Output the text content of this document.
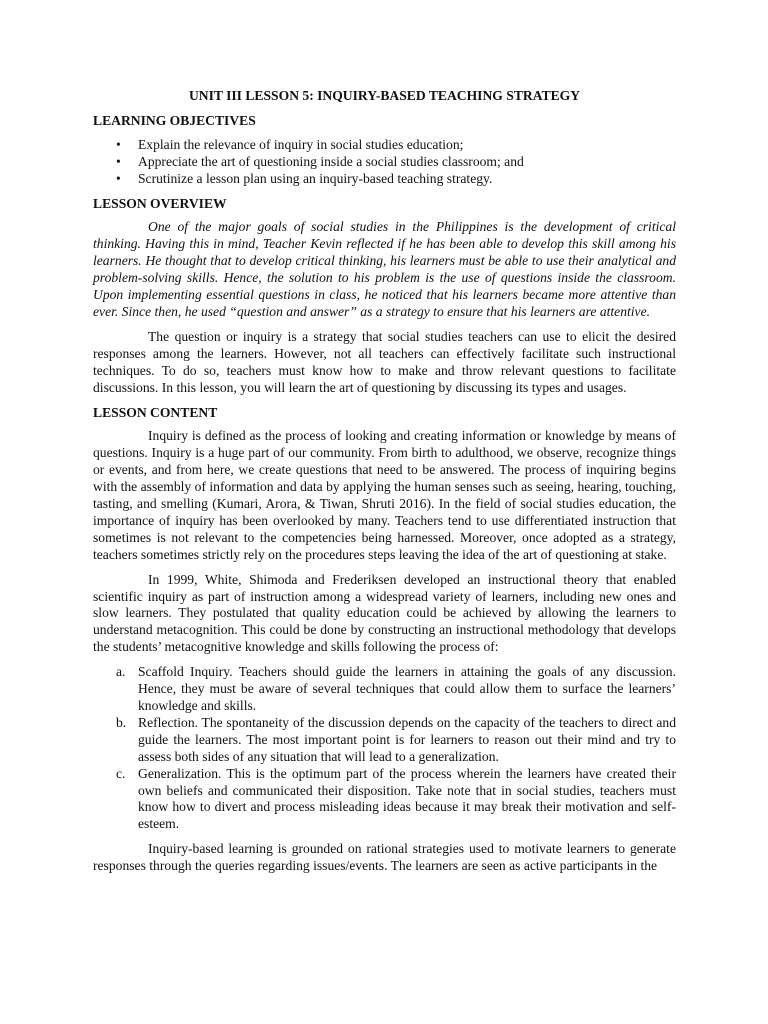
UNIT III LESSON 5: INQUIRY-BASED TEACHING STRATEGY
LEARNING OBJECTIVES
• Explain the relevance of inquiry in social studies education;
• Appreciate the art of questioning inside a social studies classroom; and
• Scrutinize a lesson plan using an inquiry-based teaching strategy.
LESSON OVERVIEW

One of the major goals of social studies in the Philippines is the development of critical thinking. Having this in mind, Teacher Kevin reflected if he has been able to develop this skill among his learners. He thought that to develop critical thinking, his learners must be able to use their analytical and problem-solving skills. Hence, the solution to his problem is the use of questions inside the classroom. Upon implementing essential questions in class, he noticed that his learners became more attentive than ever. Since then, he used “question and answer” as a strategy to ensure that his learners are attentive.

The question or inquiry is a strategy that social studies teachers can use to elicit the desired responses among the learners. However, not all teachers can effectively facilitate such instructional techniques. To do so, teachers must know how to make and throw relevant questions to facilitate discussions. In this lesson, you will learn the art of questioning by discussing its types and usages.

LESSON CONTENT

Inquiry is defined as the process of looking and creating information or knowledge by means of questions. Inquiry is a huge part of our community. From birth to adulthood, we observe, recognize things or events, and from here, we create questions that need to be answered. The process of inquiring begins with the assembly of information and data by applying the human senses such as seeing, hearing, touching, tasting, and smelling (Kumari, Arora, & Tiwan, Shruti 2016). In the field of social studies education, the importance of inquiry has been overlooked by many. Teachers tend to use differentiated instruction that sometimes is not relevant to the competencies being harnessed. Moreover, once adopted as a strategy, teachers sometimes strictly rely on the procedures steps leaving the idea of the art of questioning at stake.

In 1999, White, Shimoda and Frederiksen developed an instructional theory that enabled scientific inquiry as part of instruction among a widespread variety of learners, including new ones and slow learners. They postulated that quality education could be achieved by allowing the learners to understand metacognition. This could be done by constructing an instructional methodology that develops the students’ metacognitive knowledge and skills following the process of:

a. Scaffold Inquiry. Teachers should guide the learners in attaining the goals of any discussion. Hence, they must be aware of several techniques that could allow them to surface the learners’ knowledge and skills.
b. Reflection. The spontaneity of the discussion depends on the capacity of the teachers to direct and guide the learners. The most important point is for learners to reason out their mind and try to assess both sides of any situation that will lead to a generalization.
c. Generalization. This is the optimum part of the process wherein the learners have created their own beliefs and communicated their disposition. Take note that in social studies, teachers must know how to divert and process misleading ideas because it may break their motivation and self-esteem.

Inquiry-based learning is grounded on rational strategies used to motivate learners to generate responses through the queries regarding issues/events. The learners are seen as active participants in the
